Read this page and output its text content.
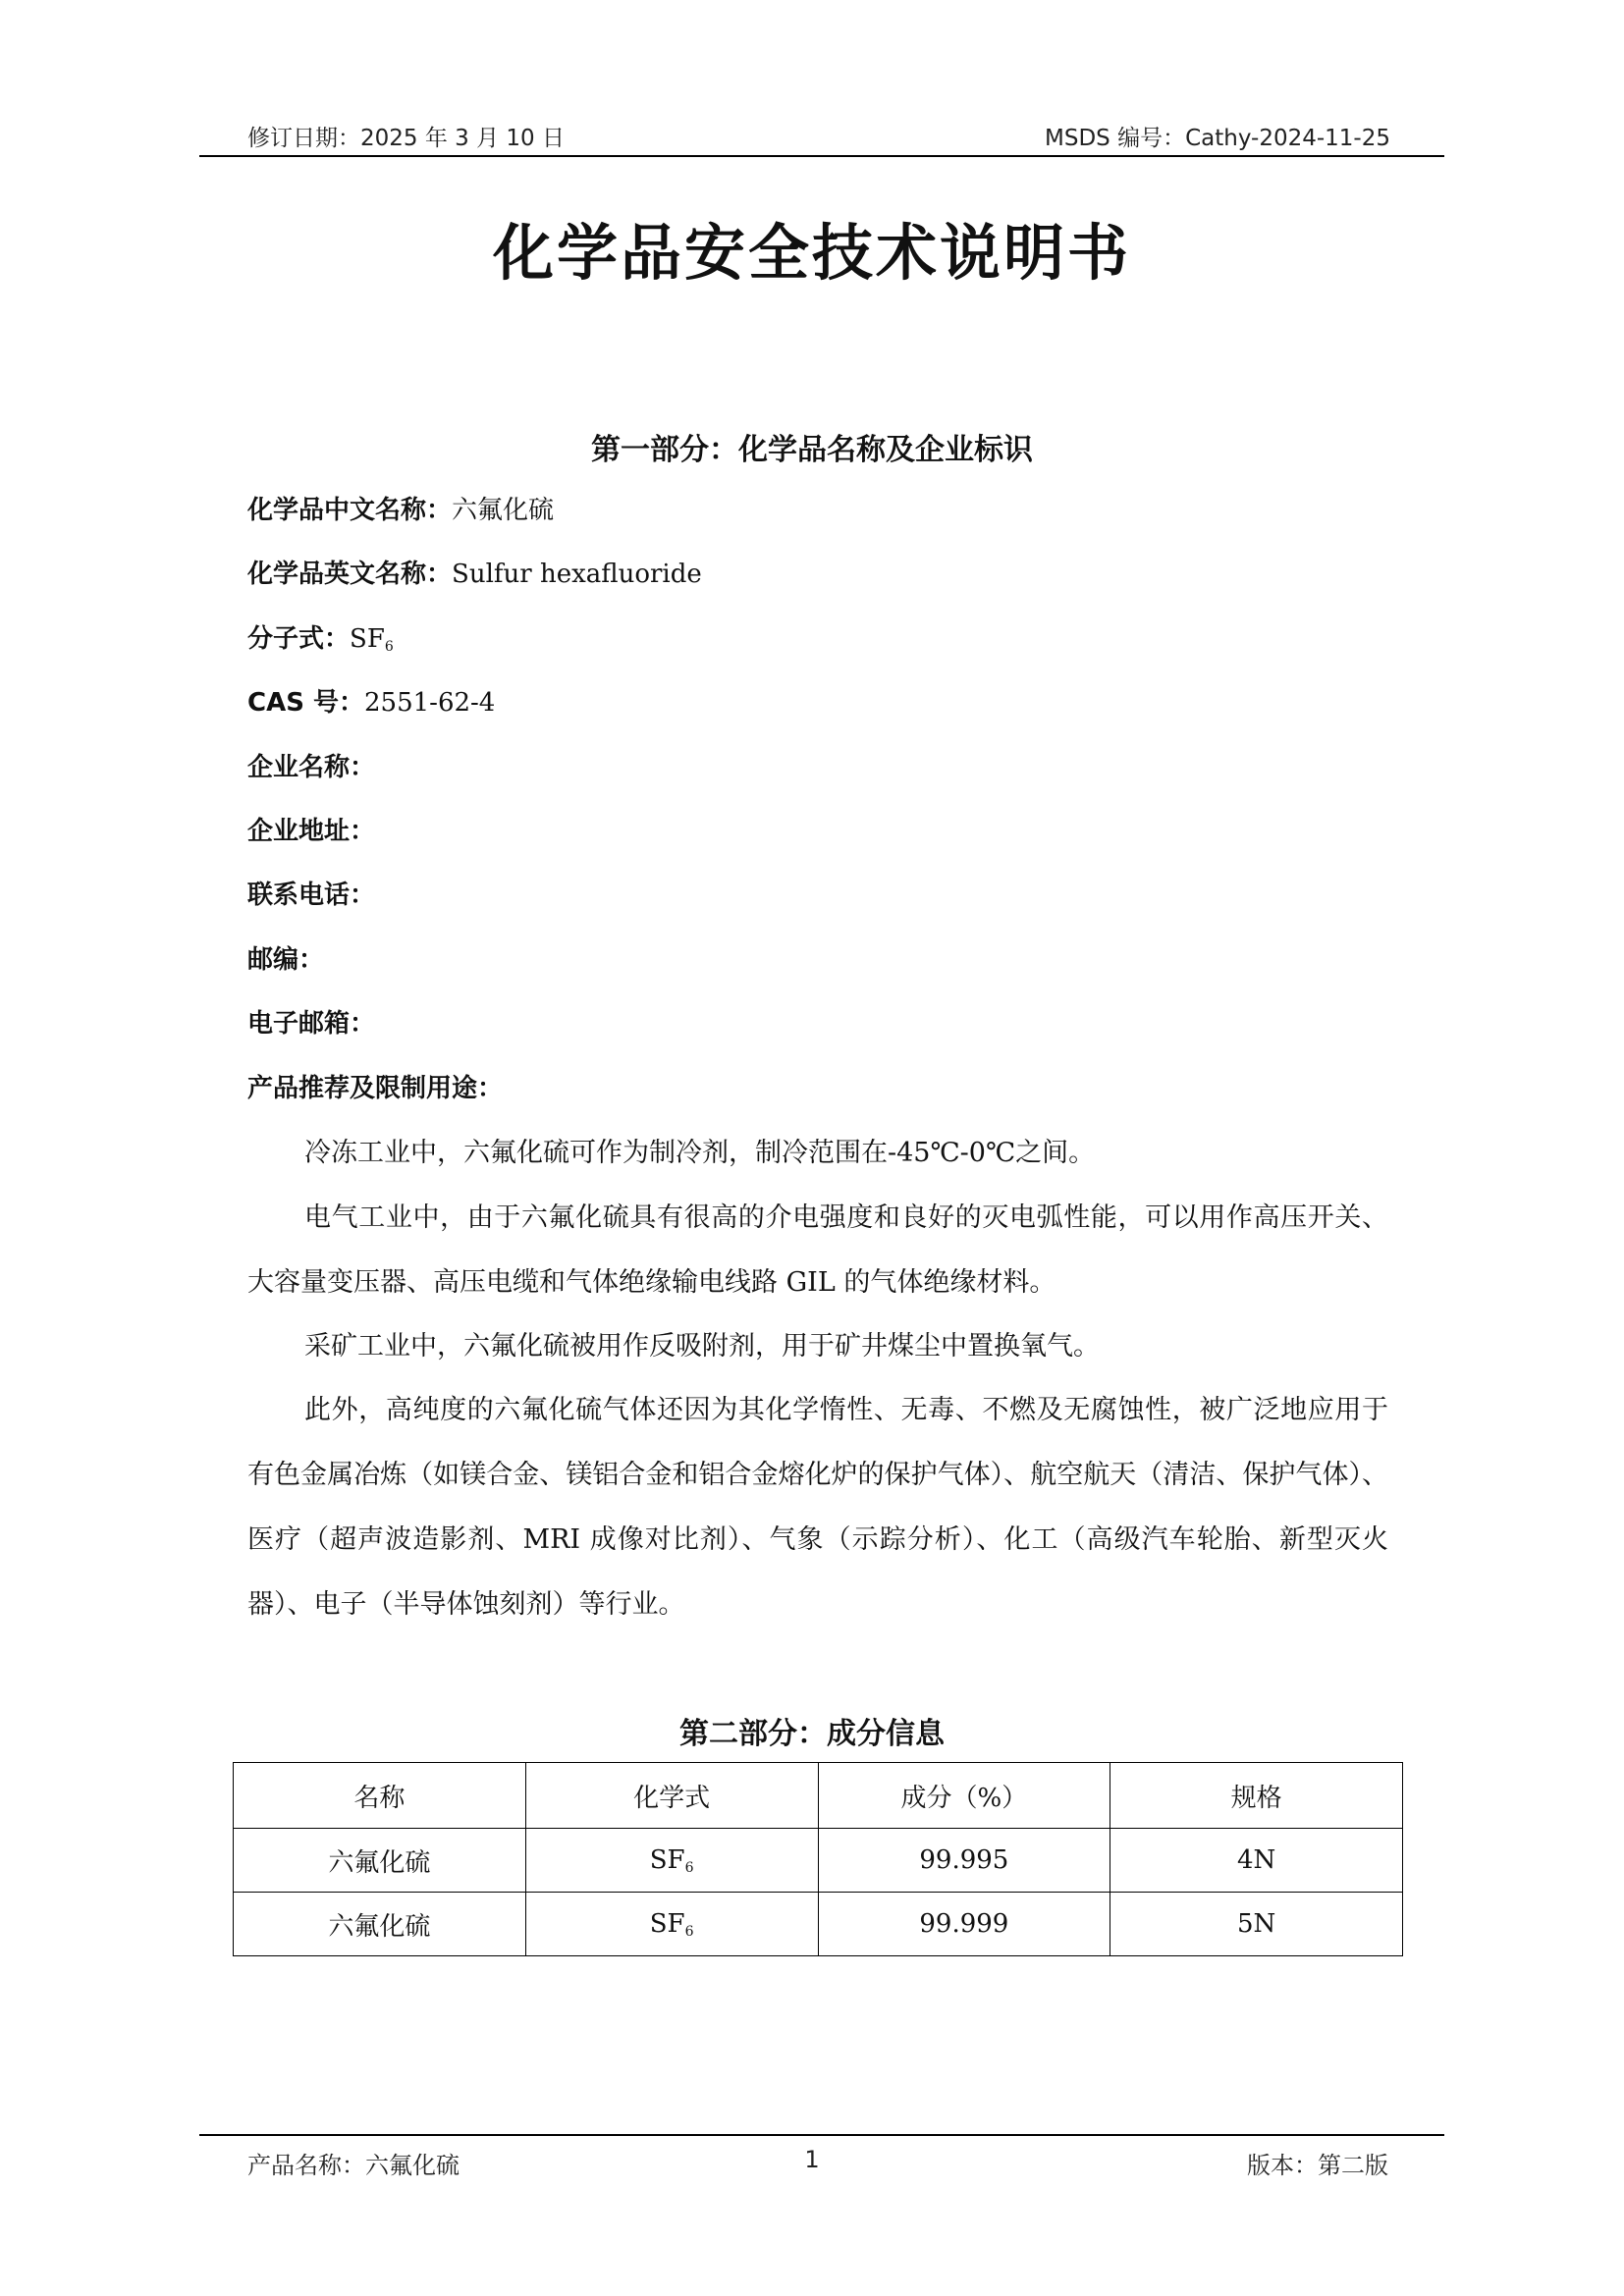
修订日期：2025 年 3 月 10 日	MSDS 编号：Cathy-2024-11-25
化学品安全技术说明书
第一部分：化学品名称及企业标识
化学品中文名称：六氟化硫
化学品英文名称：Sulfur hexafluoride
分子式：$SF_6$
CAS 号：2551-62-4
企业名称：
企业地址：
联系电话：
邮编：
电子邮箱：
产品推荐及限制用途：

冷冻工业中，六氟化硫可作为制冷剂，制冷范围在-45℃-0℃之间。

电气工业中，由于六氟化硫具有很高的介电强度和良好的灭电弧性能，可以用作高压开关、大容量变压器、高压电缆和气体绝缘输电线路 GIL 的气体绝缘材料。

采矿工业中，六氟化硫被用作反吸附剂，用于矿井煤尘中置换氧气。

此外，高纯度的六氟化硫气体还因为其化学惰性、无毒、不燃及无腐蚀性，被广泛地应用于有色金属冶炼（如镁合金、镁铝合金和铝合金熔化炉的保护气体）、航空航天（清洁、保护气体）、医疗（超声波造影剂、MRI 成像对比剂）、气象（示踪分析）、化工（高级汽车轮胎、新型灭火器）、电子（半导体蚀刻剂）等行业。

第二部分：成分信息
名称	化学式	成分（%）	规格
六氟化硫	$SF_6$	99.995	4N
六氟化硫	$SF_6$	99.999	5N
产品名称：六氟化硫	1	版本：第二版
